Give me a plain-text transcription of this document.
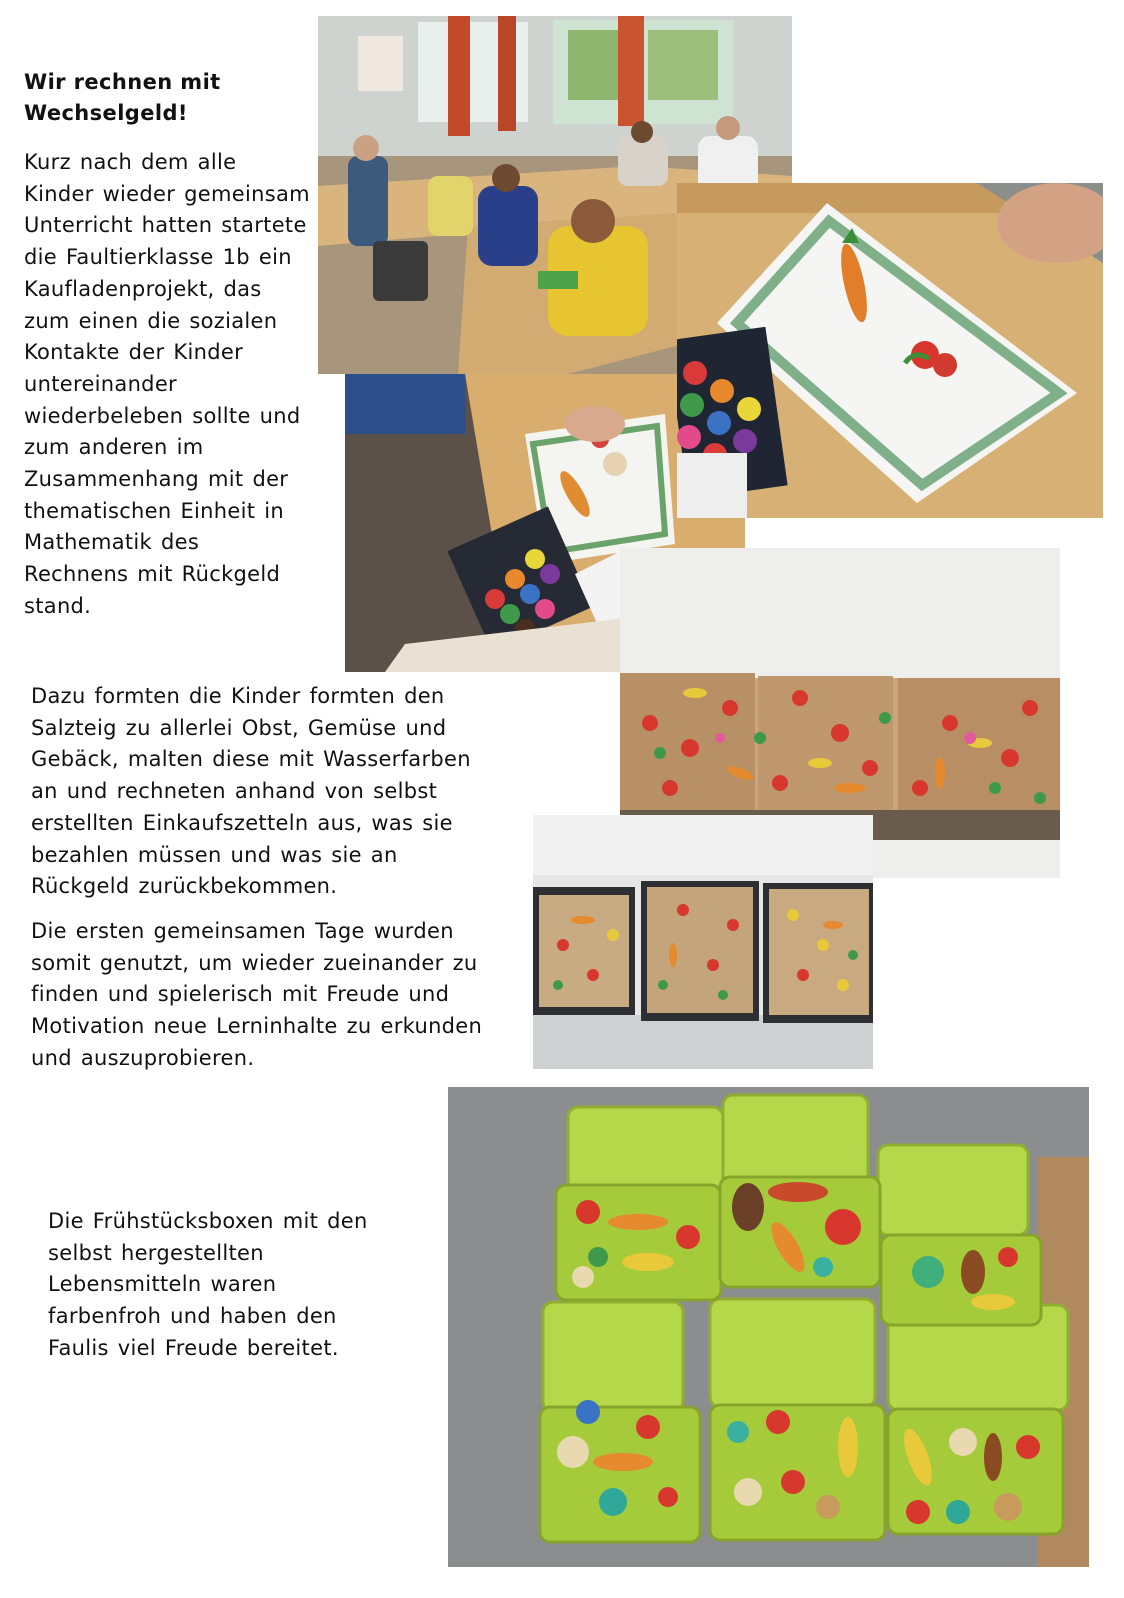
Wir rechnen mit Wechselgeld!
Kurz nach dem alle Kinder wieder gemeinsam Unterricht hatten startete die Faultierklasse 1b ein Kaufladenprojekt, das zum einen die sozialen Kontakte der Kinder untereinander wiederbeleben sollte und zum anderen im Zusammenhang mit der thematischen Einheit in Mathematik des Rechnens mit Rückgeld stand.
Dazu formten die Kinder formten den Salzteig zu allerlei Obst, Gemüse und Gebäck, malten diese mit Wasserfarben an und rechneten anhand von selbst erstellten Einkaufszetteln aus, was sie bezahlen müssen und was sie an Rückgeld zurückbekommen.
Die ersten gemeinsamen Tage wurden somit genutzt, um wieder zueinander zu finden und spielerisch mit Freude und Motivation neue Lerninhalte zu erkunden und auszuprobieren.
Die Frühstücksboxen mit den selbst hergestellten Lebensmitteln waren farbenfroh und haben den Faulis viel Freude bereitet.
